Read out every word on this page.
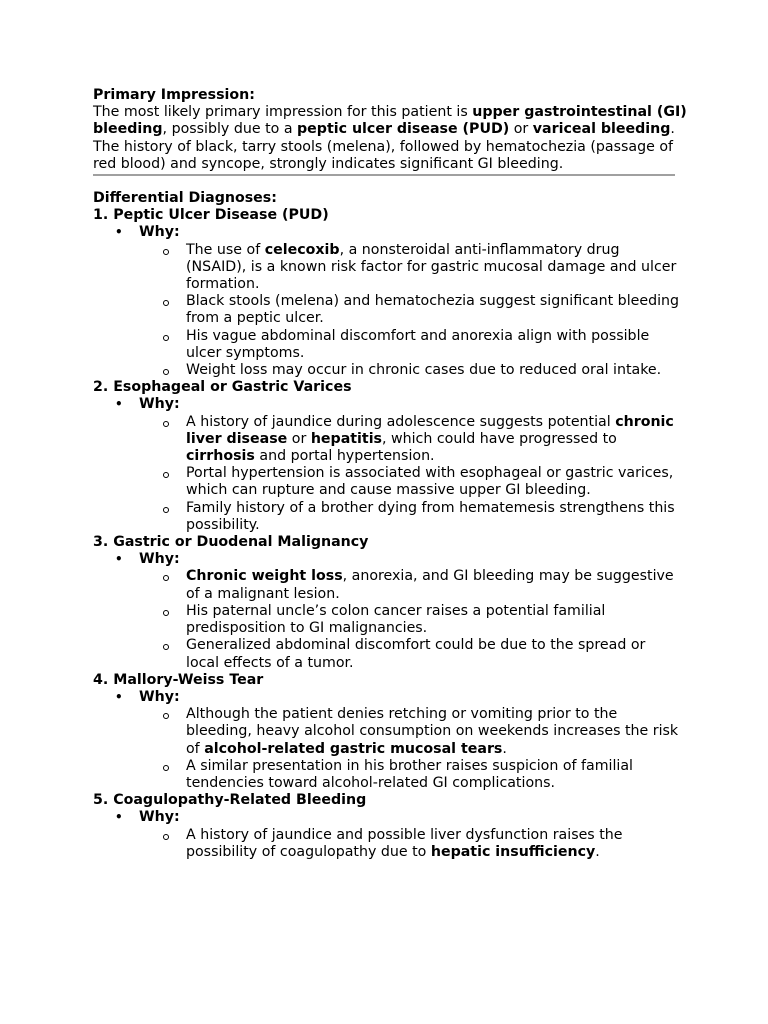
Primary Impression:

The most likely primary impression for this patient is upper gastrointestinal (GI) bleeding, possibly due to a peptic ulcer disease (PUD) or variceal bleeding. The history of black, tarry stools (melena), followed by hematochezia (passage of red blood) and syncope, strongly indicates significant GI bleeding.

Differential Diagnoses:

1. Peptic Ulcer Disease (PUD)

• Why:
The use of celecoxib, a nonsteroidal anti-inflammatory drug (NSAID), is a known risk factor for gastric mucosal damage and ulcer formation.
Black stools (melena) and hematochezia suggest significant bleeding from a peptic ulcer.
His vague abdominal discomfort and anorexia align with possible ulcer symptoms.
Weight loss may occur in chronic cases due to reduced oral intake.

2. Esophageal or Gastric Varices

• Why:
A history of jaundice during adolescence suggests potential chronic liver disease or hepatitis, which could have progressed to cirrhosis and portal hypertension.
Portal hypertension is associated with esophageal or gastric varices, which can rupture and cause massive upper GI bleeding.
Family history of a brother dying from hematemesis strengthens this possibility.

3. Gastric or Duodenal Malignancy

• Why:
Chronic weight loss, anorexia, and GI bleeding may be suggestive of a malignant lesion.
His paternal uncle’s colon cancer raises a potential familial predisposition to GI malignancies.
Generalized abdominal discomfort could be due to the spread or local effects of a tumor.

4. Mallory-Weiss Tear

• Why:
Although the patient denies retching or vomiting prior to the bleeding, heavy alcohol consumption on weekends increases the risk of alcohol-related gastric mucosal tears.
A similar presentation in his brother raises suspicion of familial tendencies toward alcohol-related GI complications.

5. Coagulopathy-Related Bleeding

• Why:
A history of jaundice and possible liver dysfunction raises the possibility of coagulopathy due to hepatic insufficiency.
